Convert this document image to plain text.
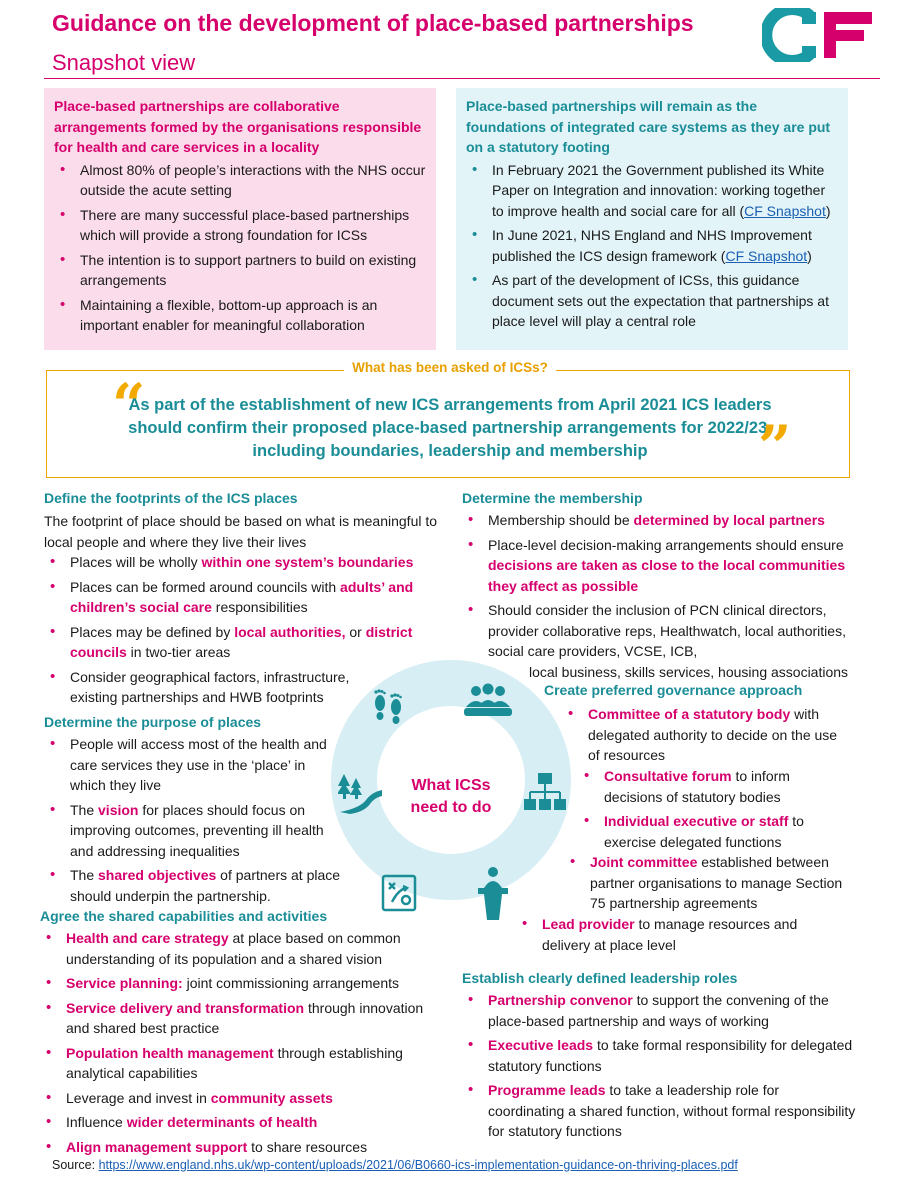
Guidance on the development of place-based partnerships
Snapshot view
Place-based partnerships are collaborative arrangements formed by the organisations responsible for health and care services in a locality
• Almost 80% of people’s interactions with the NHS occur outside the acute setting
• There are many successful place-based partnerships which will provide a strong foundation for ICSs
• The intention is to support partners to build on existing arrangements
• Maintaining a flexible, bottom-up approach is an important enabler for meaningful collaboration
Place-based partnerships will remain as the foundations of integrated care systems as they are put on a statutory footing
• In February 2021 the Government published its White Paper on Integration and innovation: working together to improve health and social care for all (CF Snapshot)
• In June 2021, NHS England and NHS Improvement published the ICS design framework (CF Snapshot)
• As part of the development of ICSs, this guidance document sets out the expectation that partnerships at place level will play a central role
What has been asked of ICSs?
“
As part of the establishment of new ICS arrangements from April 2021 ICS leaders should confirm their proposed place-based partnership arrangements for 2022/23, including boundaries, leadership and membership	”
What ICSs need to do
Define the footprints of the ICS places
The footprint of place should be based on what is meaningful to local people and where they live their lives
• Places will be wholly within one system’s boundaries
• Places can be formed around councils with adults’ and children’s social care responsibilities
• Places may be defined by local authorities, or district councils in two-tier areas
• Consider geographical factors, infrastructure, existing partnerships and HWB footprints
Determine the purpose of places
• People will access most of the health and care services they use in the ‘place’ in which they live
• The vision for places should focus on improving outcomes, preventing ill health and addressing inequalities
• The shared objectives of partners at place should underpin the partnership.
Agree the shared capabilities and activities
• Health and care strategy at place based on common understanding of its population and a shared vision
• Service planning: joint commissioning arrangements
• Service delivery and transformation through innovation and shared best practice
• Population health management through establishing analytical capabilities
• Leverage and invest in community assets
• Influence wider determinants of health
• Align management support to share resources
Determine the membership
• Membership should be determined by local partners
• Place-level decision-making arrangements should ensure decisions are taken as close to the local communities they affect as possible
• Should consider the inclusion of PCN clinical directors, provider collaborative reps, Healthwatch, local authorities, social care providers, VCSE, ICB,
local business, skills services, housing associations
Create preferred governance approach
• Committee of a statutory body with delegated authority to decide on the use of resources
• Consultative forum to inform decisions of statutory bodies
• Individual executive or staff to exercise delegated functions
• Joint committee established between partner organisations to manage Section 75 partnership agreements
• Lead provider to manage resources and delivery at place level
Establish clearly defined leadership roles
• Partnership convenor to support the convening of the place-based partnership and ways of working
• Executive leads to take formal responsibility for delegated statutory functions
• Programme leads to take a leadership role for coordinating a shared function, without formal responsibility for statutory functions
Source: https://www.england.nhs.uk/wp-content/uploads/2021/06/B0660-ics-implementation-guidance-on-thriving-places.pdf
